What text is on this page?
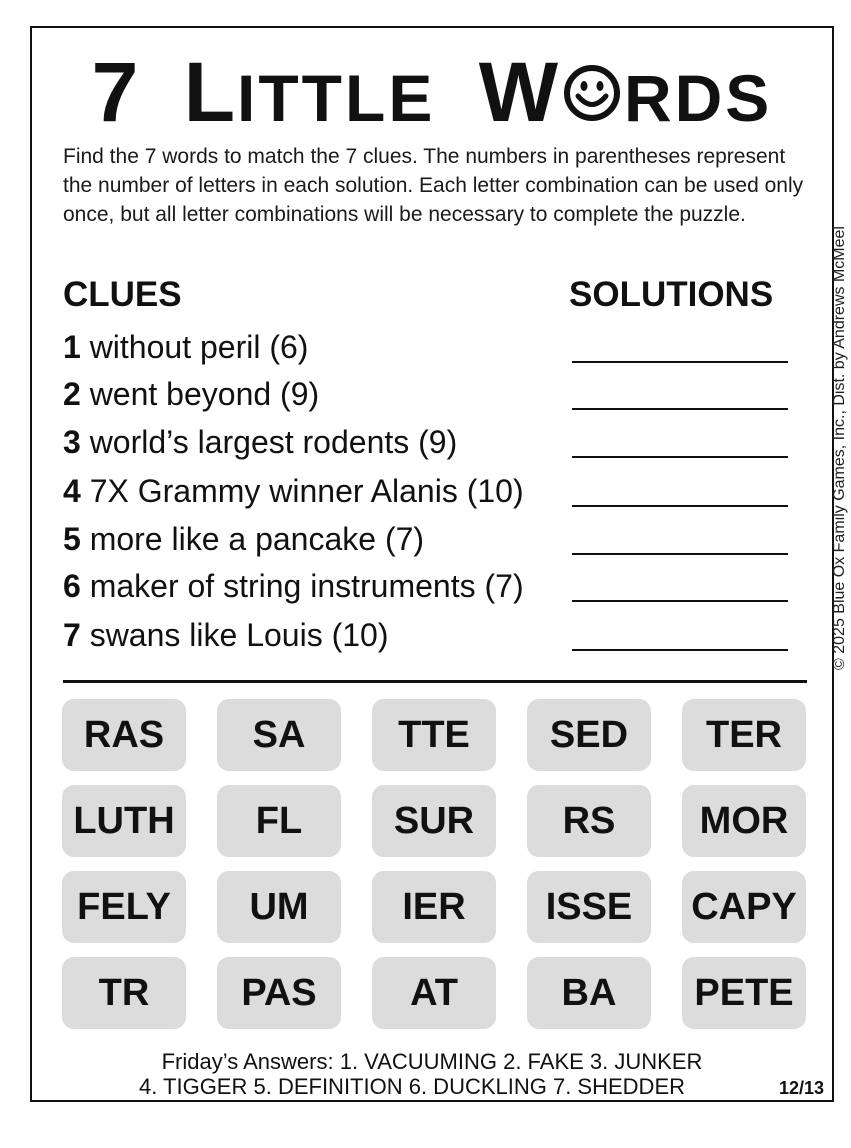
7 LITTLE W RDS
Find the 7 words to match the 7 clues. The numbers in parentheses represent the number of letters in each solution. Each letter combination can be used only once, but all letter combinations will be necessary to complete the puzzle.
© 2025 Blue Ox Family Games, Inc., Dist. by Andrews McMeel
CLUES	SOLUTIONS
1 without peril (6)
2 went beyond (9)
3 world’s largest rodents (9)
4 7X Grammy winner Alanis (10)
5 more like a pancake (7)
6 maker of string instruments (7)
7 swans like Louis (10)
RAS	SA	TTE	SED	TER
LUTH	FL	SUR	RS	MOR
FELY	UM	IER	ISSE	CAPY
TR	PAS	AT	BA	PETE
Friday’s Answers: 1. VACUUMING 2. FAKE 3. JUNKER
4. TIGGER 5. DEFINITION 6. DUCKLING 7. SHEDDER	12/13
